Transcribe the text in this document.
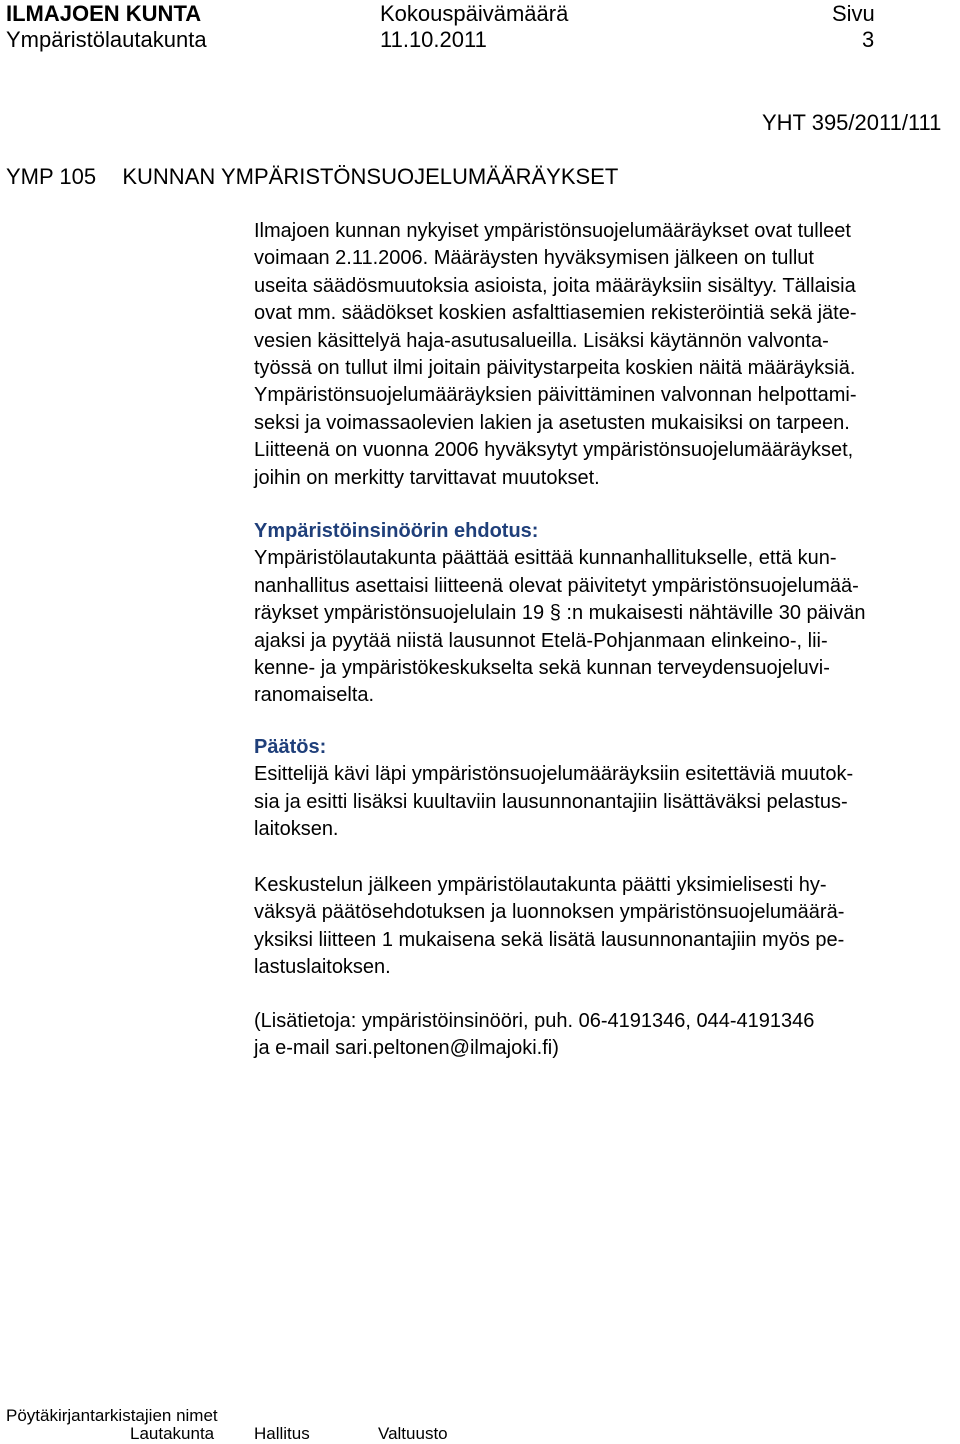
ILMAJOEN KUNTA	Kokouspäivämäärä	Sivu
Ympäristölautakunta	11.10.2011	3
YHT 395/2011/111
YMP 105 KUNNAN YMPÄRISTÖNSUOJELUMÄÄRÄYKSET

Ilmajoen kunnan nykyiset ympäristönsuojelumääräykset ovat tulleet

voimaan 2.11.2006. Määräysten hyväksymisen jälkeen on tullut

useita säädösmuutoksia asioista, joita määräyksiin sisältyy. Tällaisia

ovat mm. säädökset koskien asfalttiasemien rekisteröintiä sekä jäte-

vesien käsittelyä haja-asutusalueilla. Lisäksi käytännön valvonta-

työssä on tullut ilmi joitain päivitystarpeita koskien näitä määräyksiä.

Ympäristönsuojelumääräyksien päivittäminen valvonnan helpottami-

seksi ja voimassaolevien lakien ja asetusten mukaisiksi on tarpeen.

Liitteenä on vuonna 2006 hyväksytyt ympäristönsuojelumääräykset,

joihin on merkitty tarvittavat muutokset.

Ympäristöinsinöörin ehdotus:

Ympäristölautakunta päättää esittää kunnanhallitukselle, että kun-

nanhallitus asettaisi liitteenä olevat päivitetyt ympäristönsuojelumää-

räykset ympäristönsuojelulain 19 § :n mukaisesti nähtäville 30 päivän

ajaksi ja pyytää niistä lausunnot Etelä-Pohjanmaan elinkeino-, lii-

kenne- ja ympäristökeskukselta sekä kunnan terveydensuojeluvi-

ranomaiselta.

Päätös:

Esittelijä kävi läpi ympäristönsuojelumääräyksiin esitettäviä muutok-

sia ja esitti lisäksi kuultaviin lausunnonantajiin lisättäväksi pelastus-

laitoksen.

Keskustelun jälkeen ympäristölautakunta päätti yksimielisesti hy-

väksyä päätösehdotuksen ja luonnoksen ympäristönsuojelumäärä-

yksiksi liitteen 1 mukaisena sekä lisätä lausunnonantajiin myös pe-

lastuslaitoksen.

(Lisätietoja: ympäristöinsinööri, puh. 06-4191346, 044-4191346

ja e-mail sari.peltonen@ilmajoki.fi)

Pöytäkirjantarkistajien nimet
Lautakunta Hallitus	Valtuusto
